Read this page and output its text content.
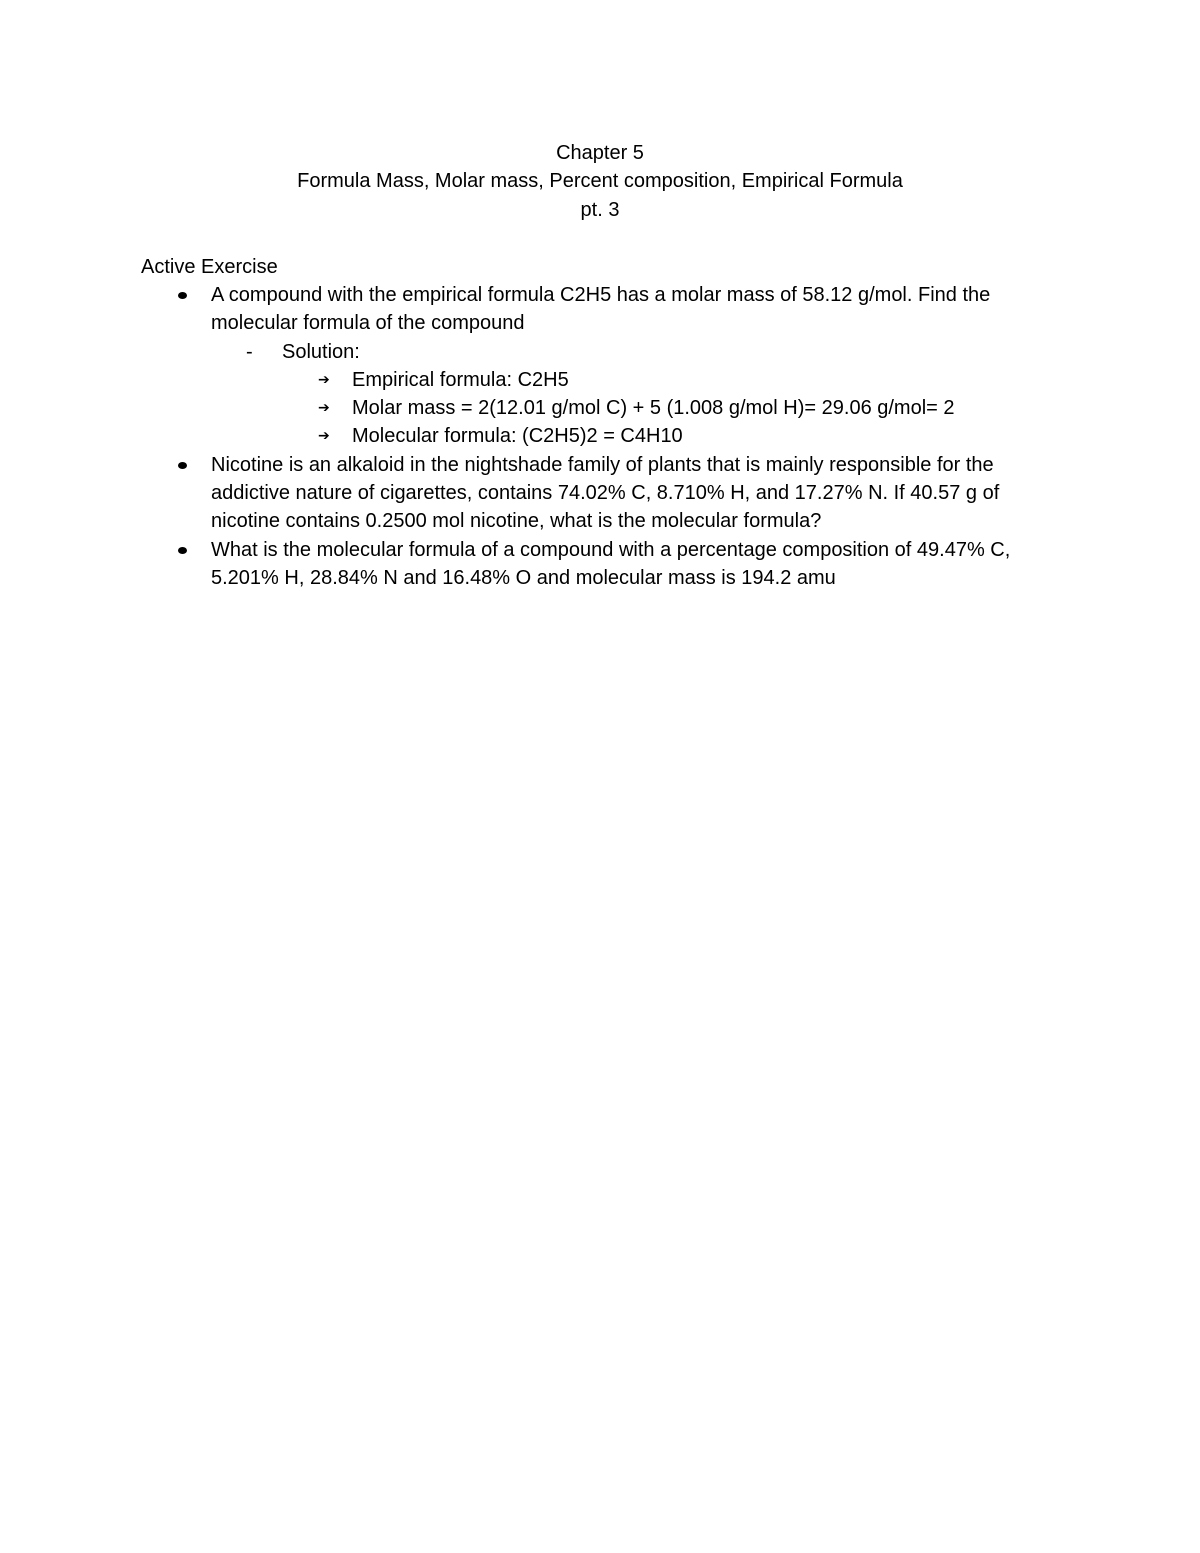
Chapter 5
Formula Mass, Molar mass, Percent composition, Empirical Formula
pt. 3
Active Exercise
A compound with the empirical formula C2H5 has a molar mass of 58.12 g/mol. Find the molecular formula of the compound
- Solution:
➔ Empirical formula: C2H5
➔ Molar mass = 2(12.01 g/mol C) + 5 (1.008 g/mol H)= 29.06 g/mol= 2
➔ Molecular formula: (C2H5)2 = C4H10
Nicotine is an alkaloid in the nightshade family of plants that is mainly responsible for the addictive nature of cigarettes, contains 74.02% C, 8.710% H, and 17.27% N. If 40.57 g of nicotine contains 0.2500 mol nicotine, what is the molecular formula?
What is the molecular formula of a compound with a percentage composition of 49.47% C, 5.201% H, 28.84% N and 16.48% O and molecular mass is 194.2 amu
